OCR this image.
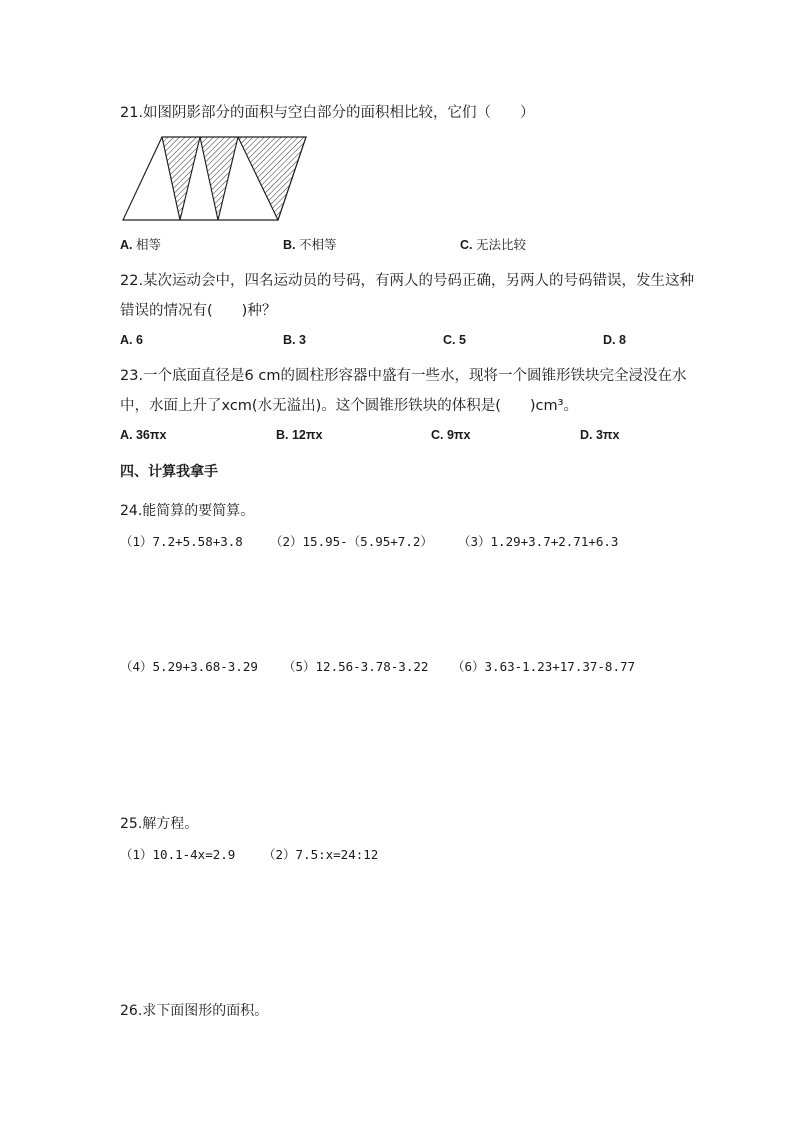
21.如图阴影部分的面积与空白部分的面积相比较，它们（　　）
A. 相等	B. 不相等	C. 无法比较
22.某次运动会中，四名运动员的号码，有两人的号码正确，另两人的号码错误，发生这种
错误的情况有(　　)种？
A. 6	B. 3	C. 5	D. 8
23.一个底面直径是6 cm的圆柱形容器中盛有一些水，现将一个圆锥形铁块完全浸没在水
中，水面上升了xcm(水无溢出)。这个圆锥形铁块的体积是(　　)cm³。
A. 36πx	B. 12πx	C. 9πx	D. 3πx
四、计算我拿手
24.能简算的要简算。
（1）7.2+5.58+3.8 （2）15.95-（5.95+7.2） （3）1.29+3.7+2.71+6.3
（4）5.29+3.68-3.29 （5）12.56-3.78-3.22 （6）3.63-1.23+17.37-8.77
25.解方程。
（1）10.1-4x=2.9 （2）7.5:x=24:12
26.求下面图形的面积。
